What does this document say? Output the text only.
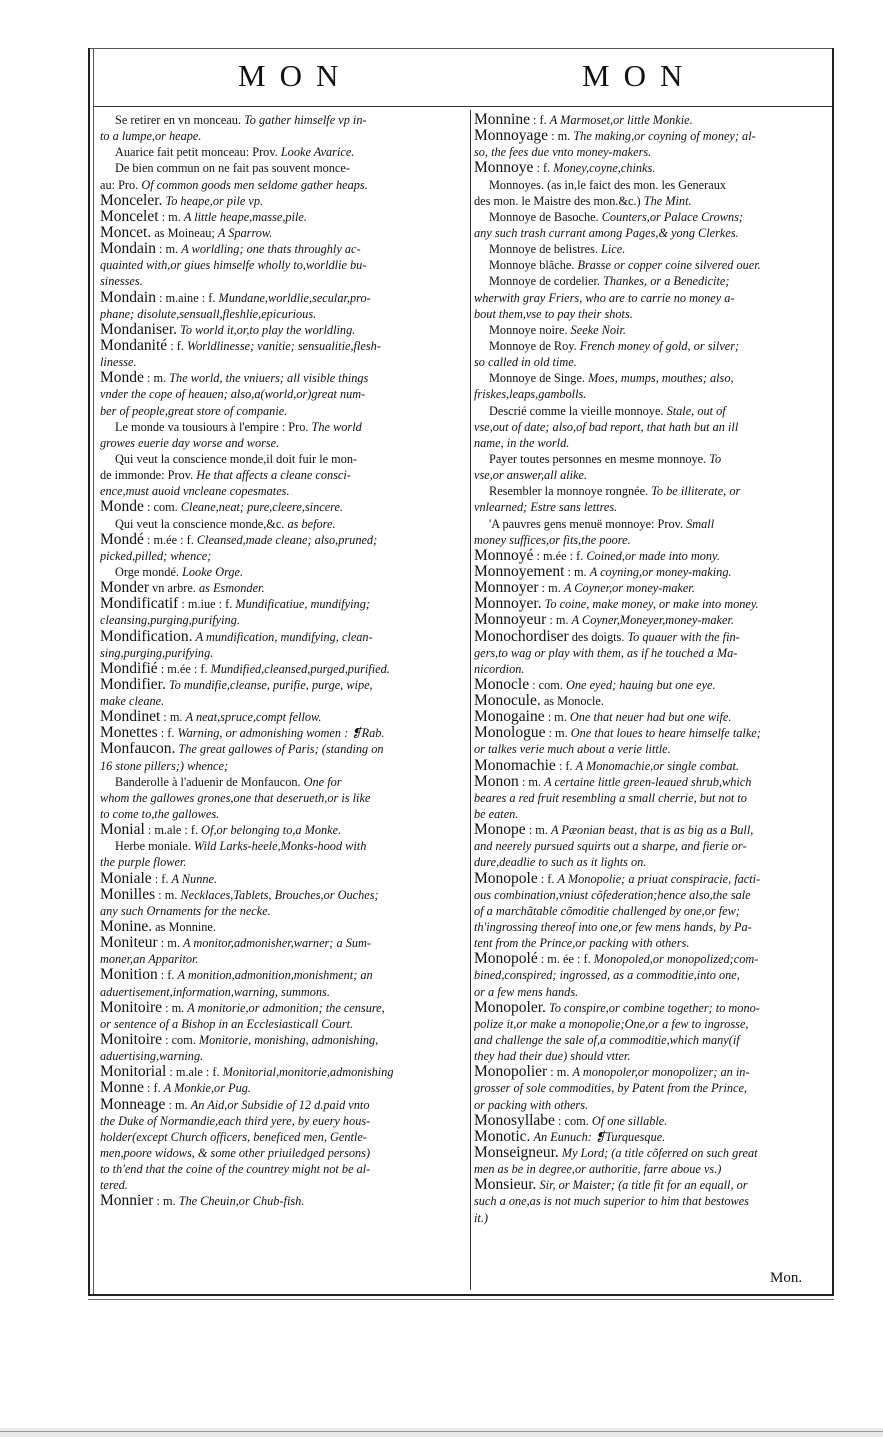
MON	MON
Se retirer en vn monceau. To gather himselfe vp in-
to a lumpe,or heape.
Auarice fait petit monceau: Prov. Looke Avarice.
De bien commun on ne fait pas souvent monce-
au: Pro. Of common goods men seldome gather heaps.
Monceler. To heape,or pile vp.
Moncelet : m. A little heape,masse,pile.
Moncet. as Moineau; A Sparrow.
Mondain : m. A worldling; one thats throughly ac-
quainted with,or giues himselfe wholly to,worldlie bu-
sinesses.
Mondain : m.aine : f. Mundane,worldlie,secular,pro-
phane; disolute,sensuall,fleshlie,epicurious.
Mondaniser. To world it,or,to play the worldling.
Mondanité : f. Worldlinesse; vanitie; sensualitie,flesh-
linesse.
Monde : m. The world, the vniuers; all visible things
vnder the cope of heauen; also,a(world,or)great num-
ber of people,great store of companie.
Le monde va tousiours à l'empire : Pro. The world
growes euerie day worse and worse.
Qui veut la conscience monde,il doit fuir le mon-
de immonde: Prov. He that affects a cleane consci-
ence,must auoid vncleane copesmates.
Monde : com. Cleane,neat; pure,cleere,sincere.
Qui veut la conscience monde,&c. as before.
Mondé : m.ée : f. Cleansed,made cleane; also,pruned;
picked,pilled; whence;
Orge mondé. Looke Orge.
Monder vn arbre. as Esmonder.
Mondificatif : m.iue : f. Mundificatiue, mundifying;
cleansing,purging,purifying.
Mondification. A mundification, mundifying, clean-
sing,purging,purifying.
Mondifié : m.ée : f. Mundified,cleansed,purged,purified.
Mondifier. To mundifie,cleanse, purifie, purge, wipe,
make cleane.
Mondinet : m. A neat,spruce,compt fellow.
Monettes : f. Warning, or admonishing women : ❡Rab.
Monfaucon. The great gallowes of Paris; (standing on
16 stone pillers;) whence;
Banderolle à l'aduenir de Monfaucon. One for
whom the gallowes grones,one that deserueth,or is like
to come to,the gallowes.
Monial : m.ale : f. Of,or belonging to,a Monke.
Herbe moniale. Wild Larks-heele,Monks-hood with
the purple flower.
Moniale : f. A Nunne.
Monilles : m. Necklaces,Tablets, Brouches,or Ouches;
any such Ornaments for the necke.
Monine. as Monnine.
Moniteur : m. A monitor,admonisher,warner; a Sum-
moner,an Apparitor.
Monition : f. A monition,admonition,monishment; an
aduertisement,information,warning, summons.
Monitoire : m. A monitorie,or admonition; the censure,
or sentence of a Bishop in an Ecclesiasticall Court.
Monitoire : com. Monitorie, monishing, admonishing,
aduertising,warning.
Monitorial : m.ale : f. Monitorial,monitorie,admonishing
Monne : f. A Monkie,or Pug.
Monneage : m. An Aid,or Subsidie of 12 d.paid vnto
the Duke of Normandie,each third yere, by euery hous-
holder(except Church officers, beneficed men, Gentle-
men,poore widows, & some other priuiledged persons)
to th'end that the coine of the countrey might not be al-
tered.
Monnier : m. The Cheuin,or Chub-fish.
Monnine : f. A Marmoset,or little Monkie.
Monnoyage : m. The making,or coyning of money; al-
so, the fees due vnto money-makers.
Monnoye : f. Money,coyne,chinks.
Monnoyes. (as in,le faict des mon. les Generaux
des mon. le Maistre des mon.&c.) The Mint.
Monnoye de Basoche. Counters,or Palace Crowns;
any such trash currant among Pages,& yong Clerkes.
Monnoye de belistres. Lice.
Monnoye blãche. Brasse or copper coine silvered ouer.
Monnoye de cordelier. Thankes, or a Benedicite;
wherwith gray Friers, who are to carrie no money a-
bout them,vse to pay their shots.
Monnoye noire. Seeke Noir.
Monnoye de Roy. French money of gold, or silver;
so called in old time.
Monnoye de Singe. Moes, mumps, mouthes; also,
friskes,leaps,gambolls.
Descrié comme la vieille monnoye. Stale, out of
vse,out of date; also,of bad report, that hath but an ill
name, in the world.
Payer toutes personnes en mesme monnoye. To
vse,or answer,all alike.
Resembler la monnoye rongnée. To be illiterate, or
vnlearned; Estre sans lettres.
'A pauvres gens menuë monnoye: Prov. Small
money suffices,or fits,the poore.
Monnoyé : m.ée : f. Coined,or made into mony.
Monnoyement : m. A coyning,or money-making.
Monnoyer : m. A Coyner,or money-maker.
Monnoyer. To coine, make money, or make into money.
Monnoyeur : m. A Coyner,Moneyer,money-maker.
Monochordiser des doigts. To quauer with the fin-
gers,to wag or play with them, as if he touched a Ma-
nicordion.
Monocle : com. One eyed; hauing but one eye.
Monocule. as Monocle.
Monogaine : m. One that neuer had but one wife.
Monologue : m. One that loues to heare himselfe talke;
or talkes verie much about a verie little.
Monomachie : f. A Monomachie,or single combat.
Monon : m. A certaine little green-leaued shrub,which
beares a red fruit resembling a small cherrie, but not to
be eaten.
Monope : m. A Pæonian beast, that is as big as a Bull,
and neerely pursued squirts out a sharpe, and fierie or-
dure,deadlie to such as it lights on.
Monopole : f. A Monopolie; a priuat conspiracie, facti-
ous combination,vniust cõfederation;hence also,the sale
of a marchãtable cõmoditie challenged by one,or few;
th'ingrossing thereof into one,or few mens hands, by Pa-
tent from the Prince,or packing with others.
Monopolé : m. ée : f. Monopoled,or monopolized;com-
bined,conspired; ingrossed, as a commoditie,into one,
or a few mens hands.
Monopoler. To conspire,or combine together; to mono-
polize it,or make a monopolie;One,or a few to ingrosse,
and challenge the sale of,a commoditie,which many(if
they had their due) should vtter.
Monopolier : m. A monopoler,or monopolizer; an in-
grosser of sole commodities, by Patent from the Prince,
or packing with others.
Monosyllabe : com. Of one sillable.
Monotic. An Eunuch: ❡Turquesque.
Monseigneur. My Lord; (a title cõferred on such great
men as be in degree,or authoritie, farre aboue vs.)
Monsieur. Sir, or Maister; (a title fit for an equall, or
such a one,as is not much superior to him that bestowes
it.)
Mon.
